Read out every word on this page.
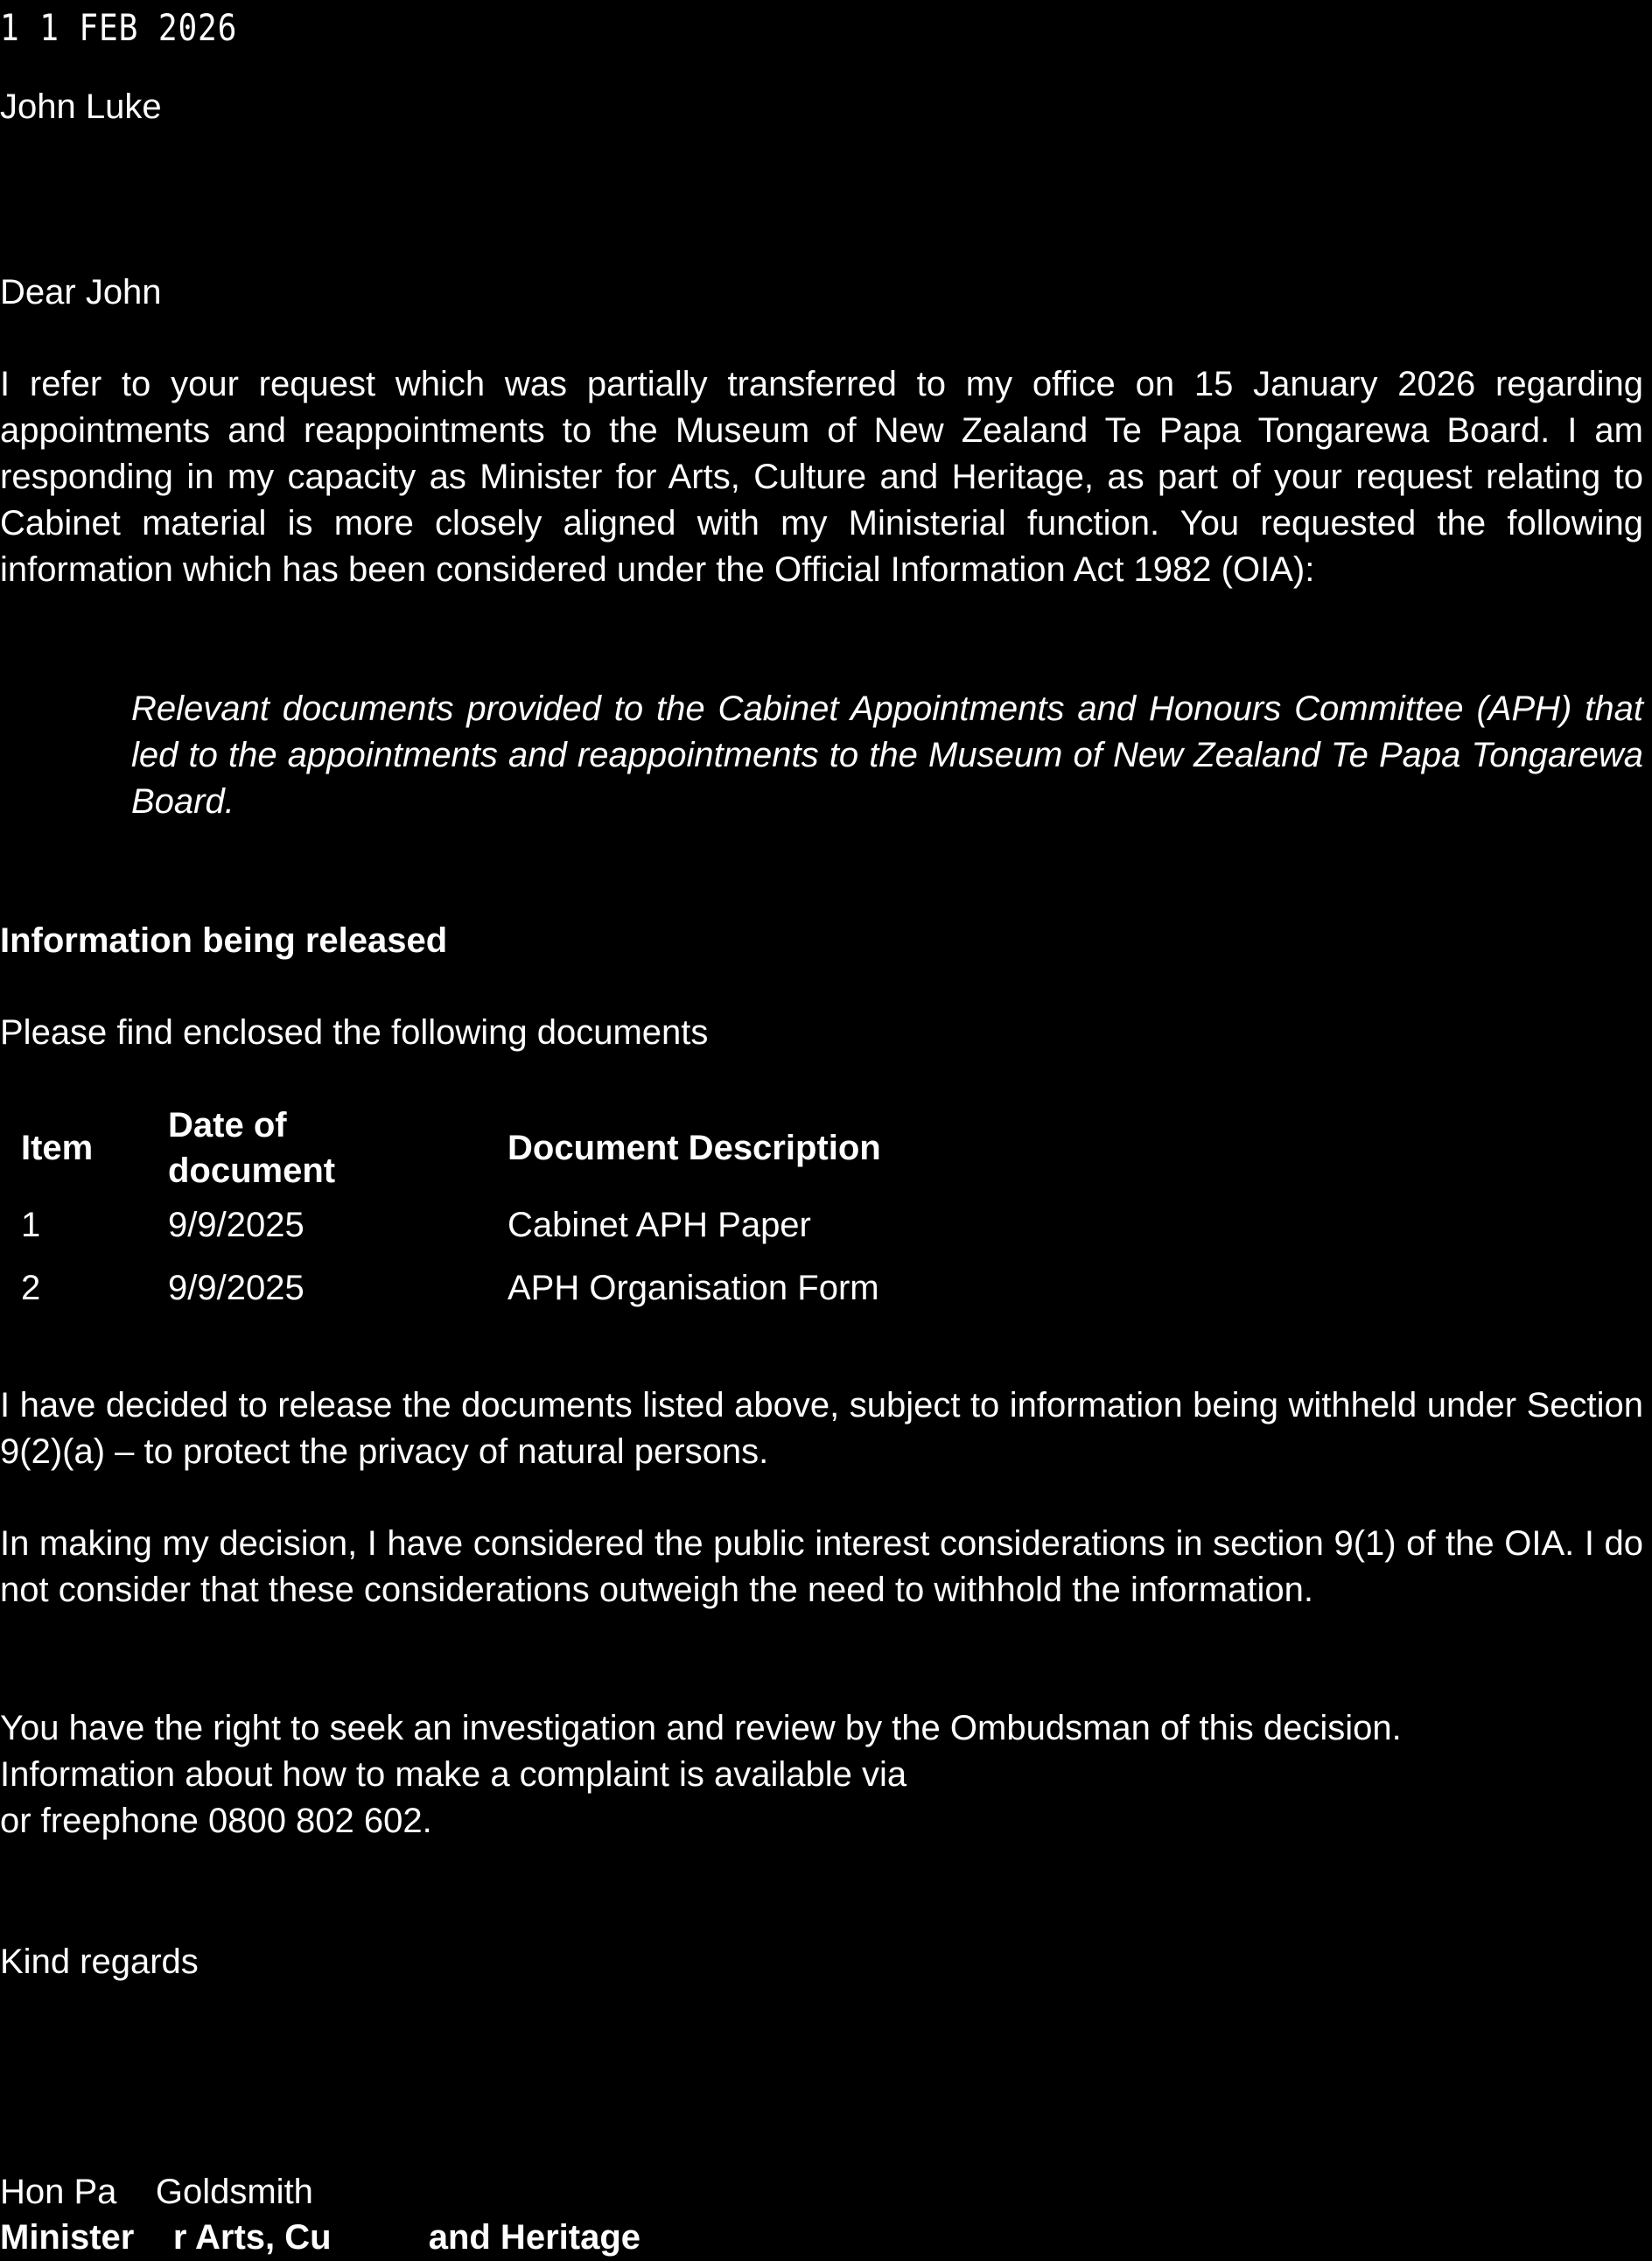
1 1 FEB 2026
John Luke
Dear John

I refer to your request which was partially transferred to my office on 15 January 2026 regarding appointments and reappointments to the Museum of New Zealand Te Papa Tongarewa Board. I am responding in my capacity as Minister for Arts, Culture and Heritage, as part of your request relating to Cabinet material is more closely aligned with my Ministerial function. You requested the following information which has been considered under the Official Information Act 1982 (OIA):

Relevant documents provided to the Cabinet Appointments and Honours Committee (APH) that led to the appointments and reappointments to the Museum of New Zealand Te Papa Tongarewa Board.

Information being released
Please find enclosed the following documents
Item	Date of document	Document Description
1	9/9/2025	Cabinet APH Paper
2	9/9/2025	APH Organisation Form

I have decided to release the documents listed above, subject to information being withheld under Section 9(2)(a) – to protect the privacy of natural persons.

In making my decision, I have considered the public interest considerations in section 9(1) of the OIA. I do not consider that these considerations outweigh the need to withhold the information.

You have the right to seek an investigation and review by the Ombudsman of this decision.
Information about how to make a complaint is available via
or freephone 0800 802 602.
Kind regards
Hon Pa    Goldsmith
Minister    r Arts, Cu          and Heritage
